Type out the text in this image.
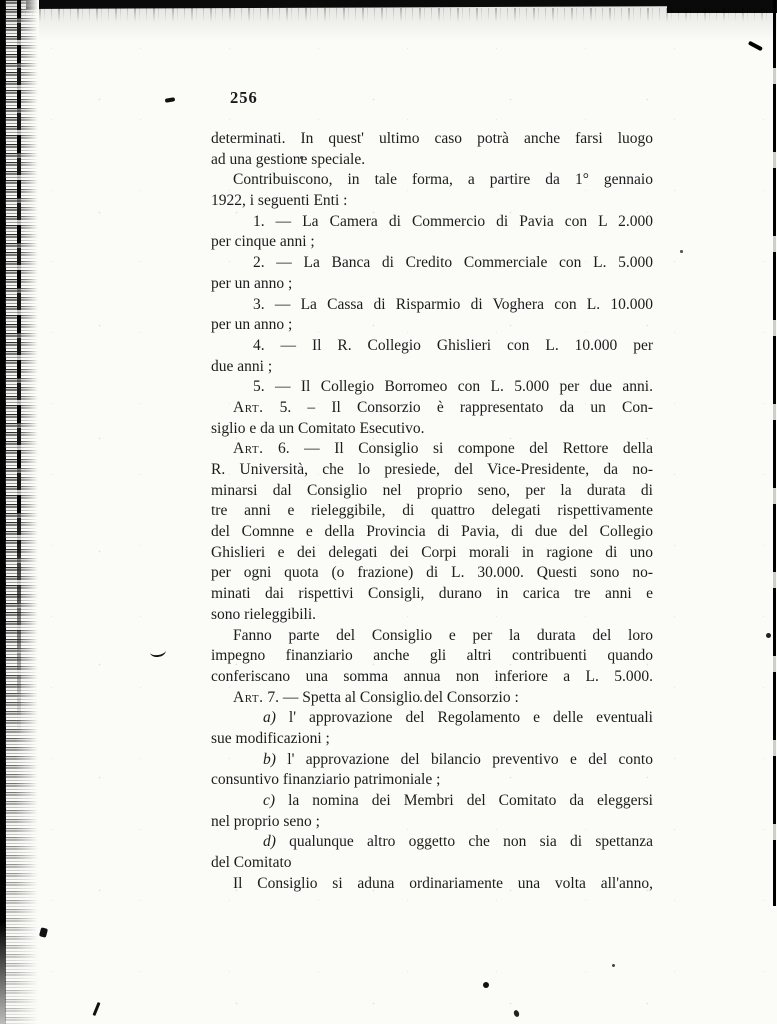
256
determinati. In quest' ultimo caso potrà anche farsi luogo
ad una gestione speciale.
Contribuiscono, in tale forma, a partire da 1° gennaio
1922, i seguenti Enti :
1. — La Camera di Commercio di Pavia con L 2.000
per cinque anni ;
2. — La Banca di Credito Commerciale con L. 5.000
per un anno ;
3. — La Cassa di Risparmio di Voghera con L. 10.000
per un anno ;
4. — Il R. Collegio Ghislieri con L. 10.000 per
due anni ;
5. — Il Collegio Borromeo con L. 5.000 per due anni.
Art. 5. – Il Consorzio è rappresentato da un Con-
siglio e da un Comitato Esecutivo.
Art. 6. — Il Consiglio si compone del Rettore della
R. Università, che lo presiede, del Vice-Presidente, da no-
minarsi dal Consiglio nel proprio seno, per la durata di
tre anni e rieleggibile, di quattro delegati rispettivamente
del Comnne e della Provincia di Pavia, di due del Collegio
Ghislieri e dei delegati dei Corpi morali in ragione di uno
per ogni quota (o frazione) di L. 30.000. Questi sono no-
minati dai rispettivi Consigli, durano in carica tre anni e
sono rieleggibili.
Fanno parte del Consiglio e per la durata del loro
impegno finanziario anche gli altri contribuenti quando
conferiscano una somma annua non inferiore a L. 5.000.
Art. 7. — Spetta al Consiglio del Consorzio :
a) l' approvazione del Regolamento e delle eventuali
sue modificazioni ;
b) l' approvazione del bilancio preventivo e del conto
consuntivo finanziario patrimoniale ;
c) la nomina dei Membri del Comitato da eleggersi
nel proprio seno ;
d) qualunque altro oggetto che non sia di spettanza
del Comitato
Il Consiglio si aduna ordinariamente una volta all'anno,
